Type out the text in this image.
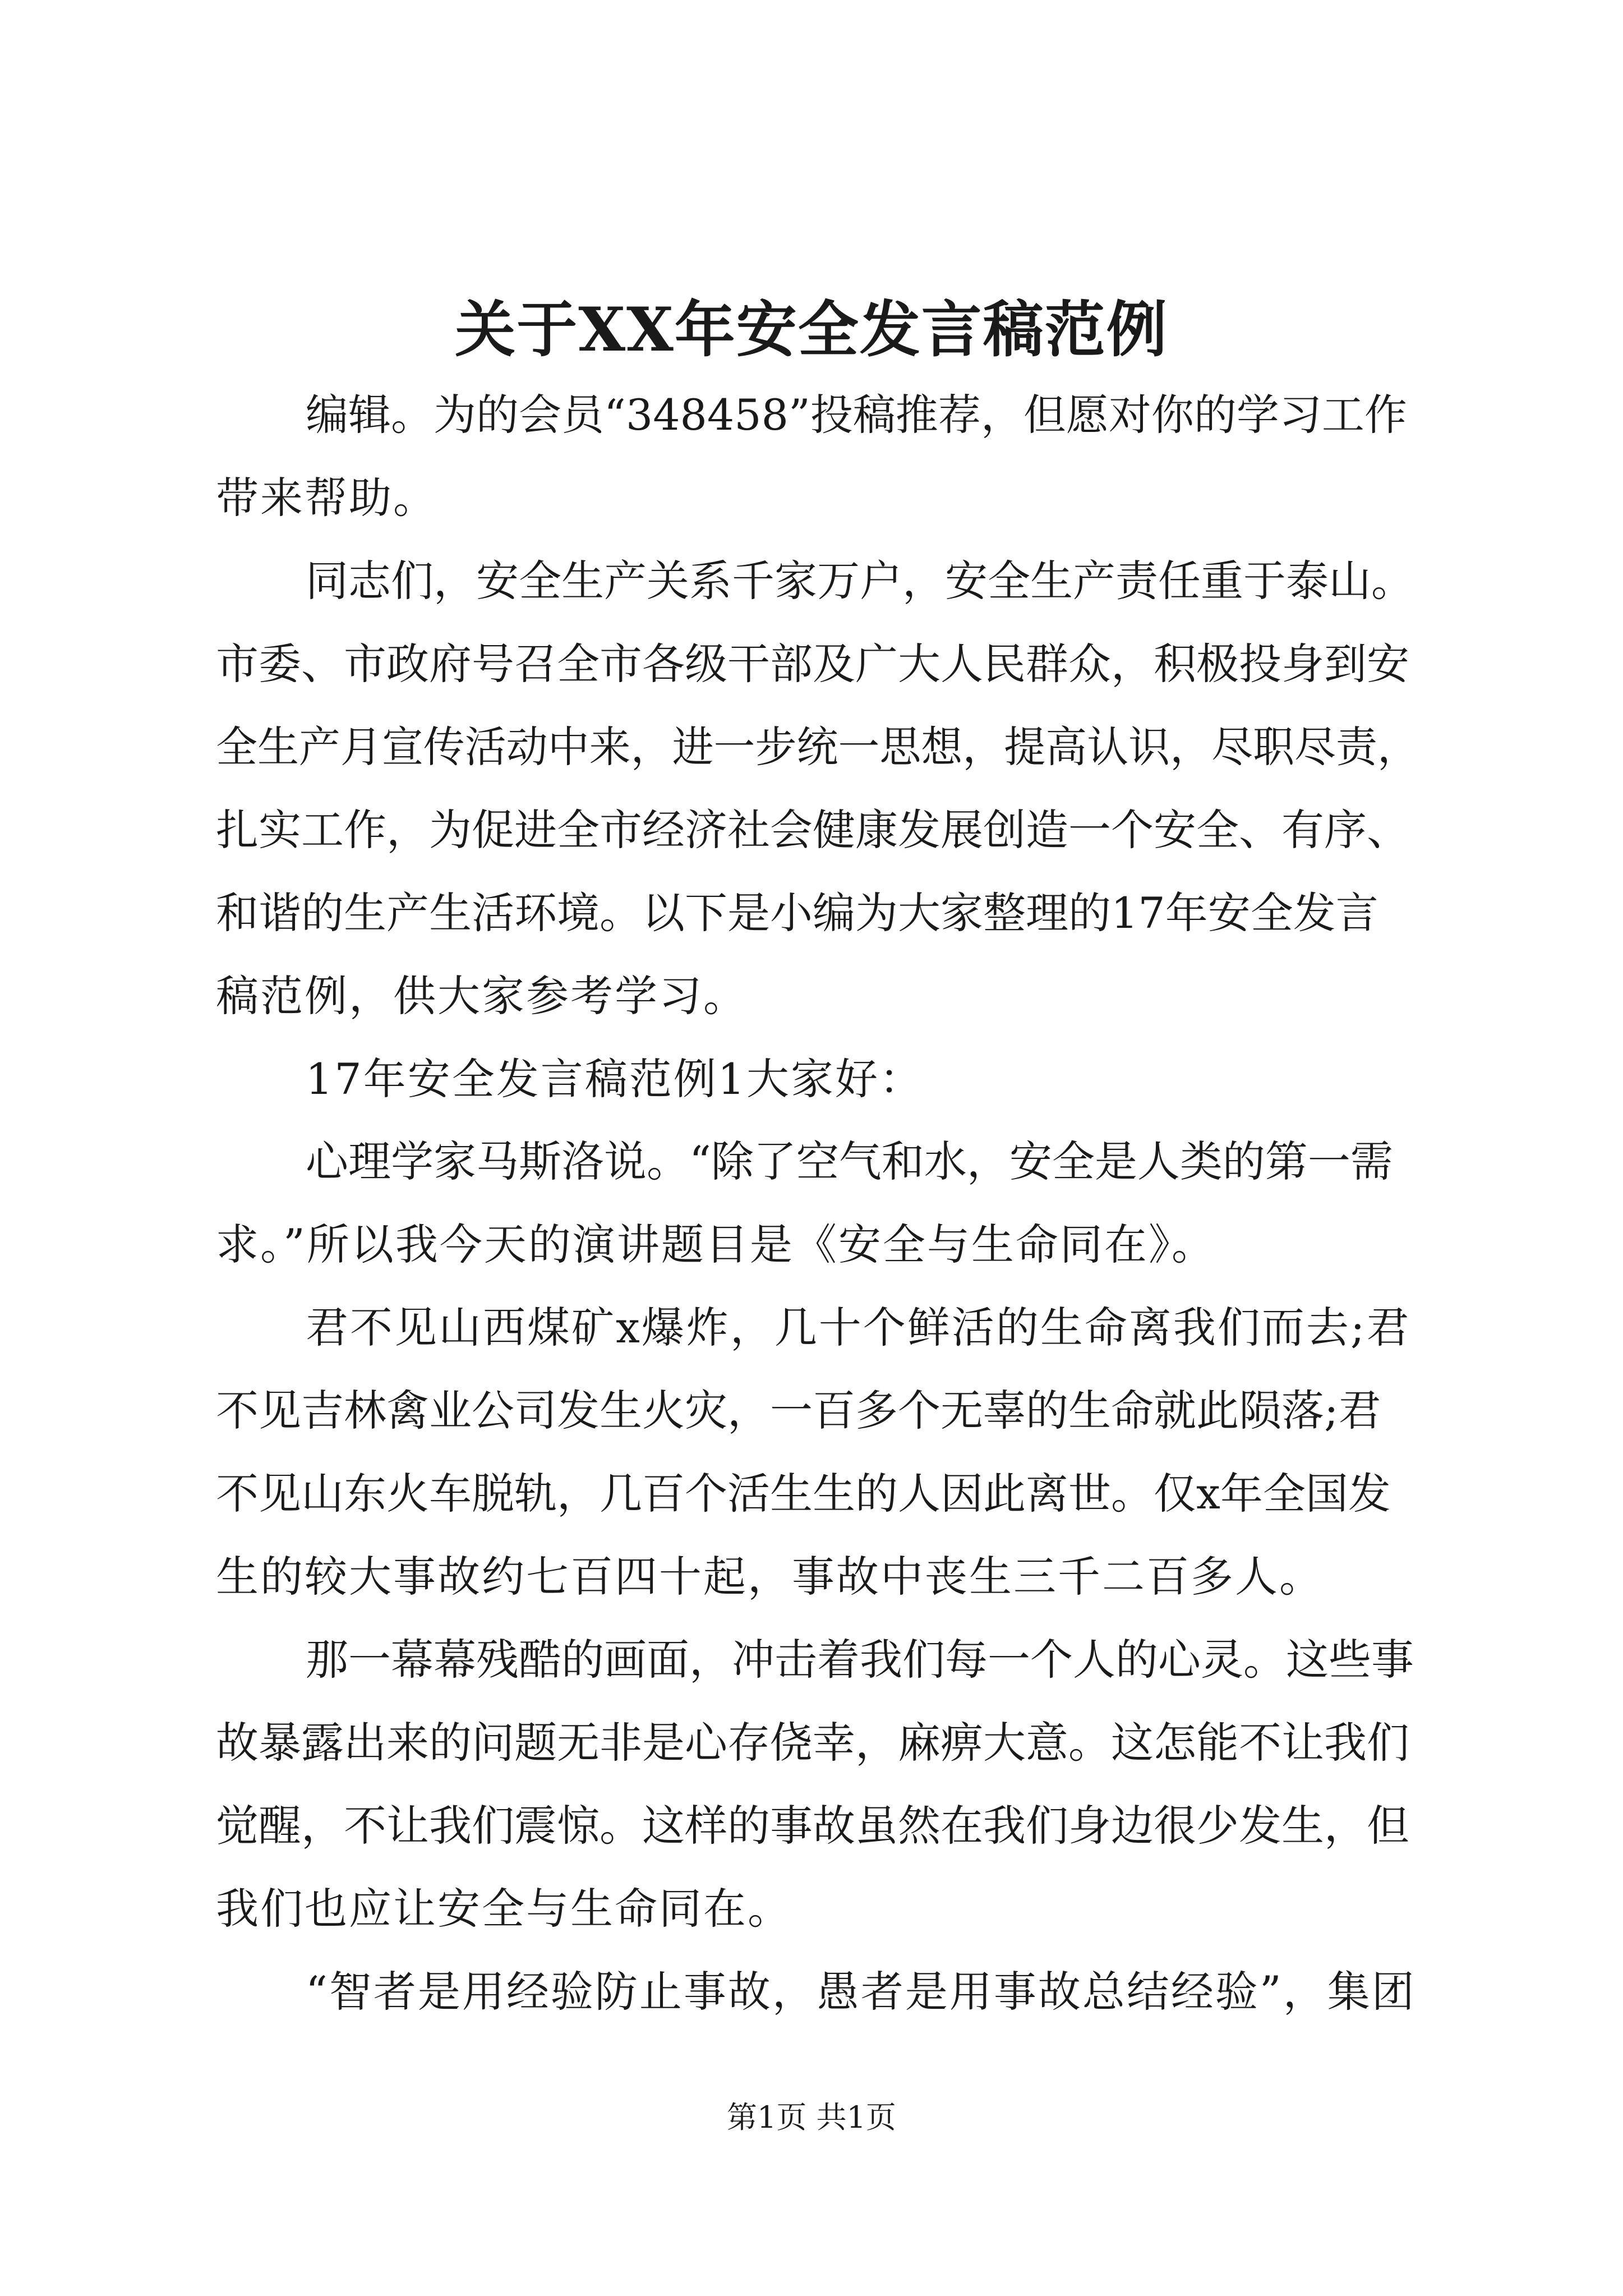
关于XX年安全发言稿范例
编辑。为的会员“348458”投稿推荐，但愿对你的学习工作
带来帮助。
同志们，安全生产关系千家万户，安全生产责任重于泰山。
市委、市政府号召全市各级干部及广大人民群众，积极投身到安
全生产月宣传活动中来，进一步统一思想，提高认识，尽职尽责，
扎实工作，为促进全市经济社会健康发展创造一个安全、有序、
和谐的生产生活环境。以下是小编为大家整理的17年安全发言
稿范例，供大家参考学习。
17年安全发言稿范例1大家好：
心理学家马斯洛说。“除了空气和水，安全是人类的第一需
求。”所以我今天的演讲题目是《安全与生命同在》。
君不见山西煤矿x爆炸，几十个鲜活的生命离我们而去;君
不见吉林禽业公司发生火灾，一百多个无辜的生命就此陨落;君
不见山东火车脱轨，几百个活生生的人因此离世。仅x年全国发
生的较大事故约七百四十起，事故中丧生三千二百多人。
那一幕幕残酷的画面，冲击着我们每一个人的心灵。这些事
故暴露出来的问题无非是心存侥幸，麻痹大意。这怎能不让我们
觉醒，不让我们震惊。这样的事故虽然在我们身边很少发生，但
我们也应让安全与生命同在。
“智者是用经验防止事故，愚者是用事故总结经验”，集团
第1页 共1页
